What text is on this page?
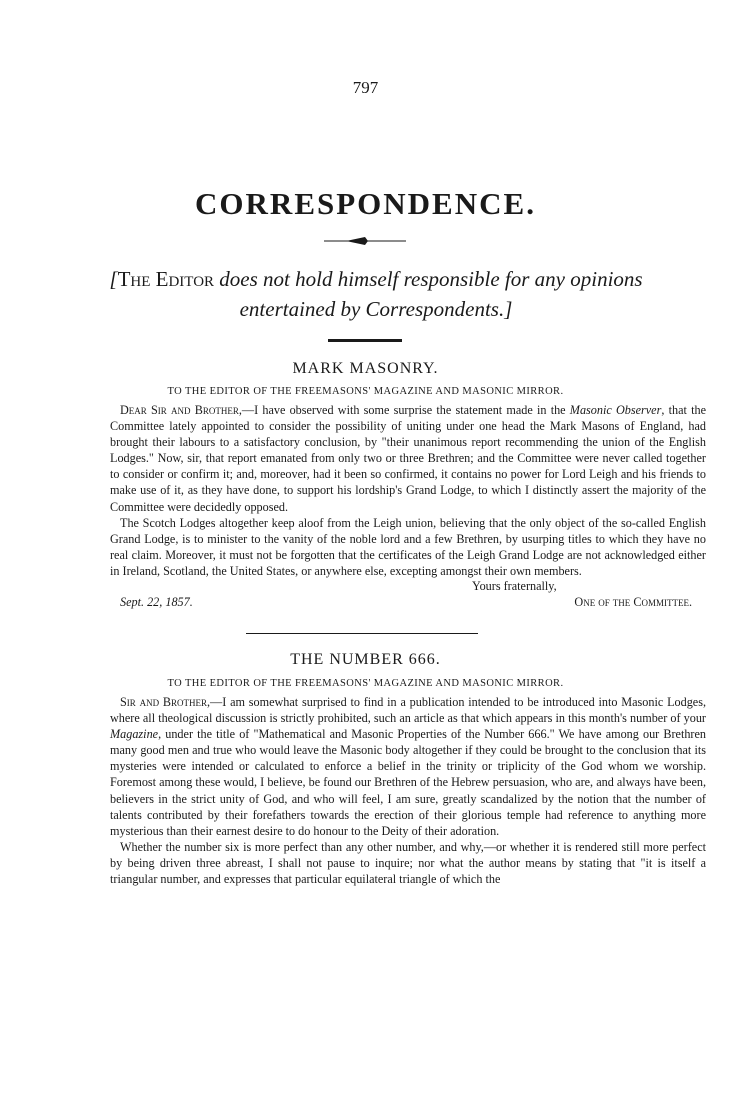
797
CORRESPONDENCE.
[The Editor does not hold himself responsible for any opinions entertained by Correspondents.]
MARK MASONRY.
TO THE EDITOR OF THE FREEMASONS' MAGAZINE AND MASONIC MIRROR.

Dear Sir and Brother,—I have observed with some surprise the statement made in the Masonic Observer, that the Committee lately appointed to consider the possibility of uniting under one head the Mark Masons of England, had brought their labours to a satisfactory conclusion, by "their unanimous report recommending the union of the English Lodges." Now, sir, that report emanated from only two or three Brethren; and the Committee were never called together to consider or confirm it; and, moreover, had it been so confirmed, it contains no power for Lord Leigh and his friends to make use of it, as they have done, to support his lordship's Grand Lodge, to which I distinctly assert the majority of the Committee were decidedly opposed.

The Scotch Lodges altogether keep aloof from the Leigh union, believing that the only object of the so-called English Grand Lodge, is to minister to the vanity of the noble lord and a few Brethren, by usurping titles to which they have no real claim. Moreover, it must not be forgotten that the certificates of the Leigh Grand Lodge are not acknowledged either in Ireland, Scotland, the United States, or anywhere else, excepting amongst their own members.

Yours fraternally,
Sept. 22, 1857.	One of the Committee.
THE NUMBER 666.
TO THE EDITOR OF THE FREEMASONS' MAGAZINE AND MASONIC MIRROR.

Sir and Brother,—I am somewhat surprised to find in a publication intended to be introduced into Masonic Lodges, where all theological discussion is strictly prohibited, such an article as that which appears in this month's number of your Magazine, under the title of "Mathematical and Masonic Properties of the Number 666." We have among our Brethren many good men and true who would leave the Masonic body altogether if they could be brought to the conclusion that its mysteries were intended or calculated to enforce a belief in the trinity or triplicity of the God whom we worship. Foremost among these would, I believe, be found our Brethren of the Hebrew persuasion, who are, and always have been, believers in the strict unity of God, and who will feel, I am sure, greatly scandalized by the notion that the number of talents contributed by their forefathers towards the erection of their glorious temple had reference to anything more mysterious than their earnest desire to do honour to the Deity of their adoration.

Whether the number six is more perfect than any other number, and why,—or whether it is rendered still more perfect by being driven three abreast, I shall not pause to inquire; nor what the author means by stating that "it is itself a triangular number, and expresses that particular equilateral triangle of which the
